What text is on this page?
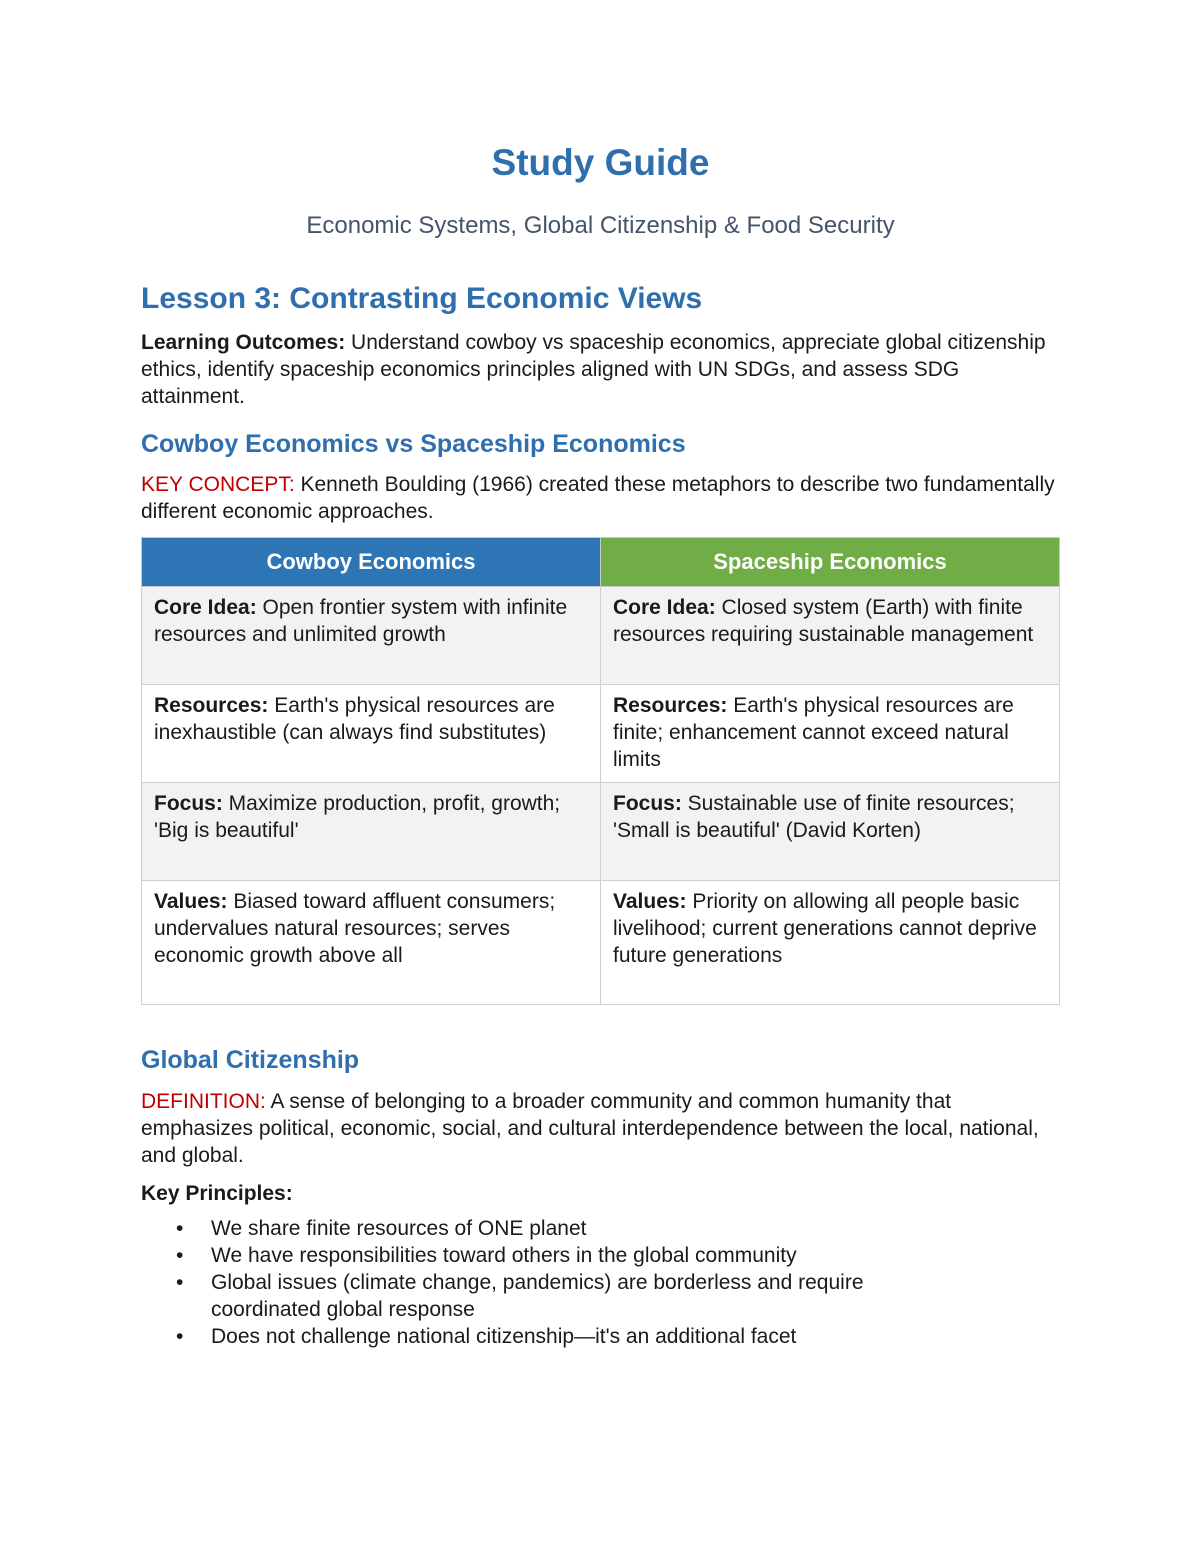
Study Guide

Economic Systems, Global Citizenship & Food Security

Lesson 3: Contrasting Economic Views

Learning Outcomes: Understand cowboy vs spaceship economics, appreciate global citizenship ethics, identify spaceship economics principles aligned with UN SDGs, and assess SDG attainment.

Cowboy Economics vs Spaceship Economics

KEY CONCEPT: Kenneth Boulding (1966) created these metaphors to describe two fundamentally different economic approaches.

Cowboy Economics	Spaceship Economics
Core Idea: Open frontier system with infinite resources and unlimited growth	Core Idea: Closed system (Earth) with finite resources requiring sustainable management
Resources: Earth's physical resources are inexhaustible (can always find substitutes)	Resources: Earth's physical resources are finite; enhancement cannot exceed natural limits
Focus: Maximize production, profit, growth; 'Big is beautiful'	Focus: Sustainable use of finite resources; 'Small is beautiful' (David Korten)
Values: Biased toward affluent consumers; undervalues natural resources; serves economic growth above all	Values: Priority on allowing all people basic livelihood; current generations cannot deprive future generations
Global Citizenship

DEFINITION: A sense of belonging to a broader community and common humanity that emphasizes political, economic, social, and cultural interdependence between the local, national, and global.

Key Principles:

• We share finite resources of ONE planet
• We have responsibilities toward others in the global community
• Global issues (climate change, pandemics) are borderless and require coordinated global response
• Does not challenge national citizenship—it's an additional facet
